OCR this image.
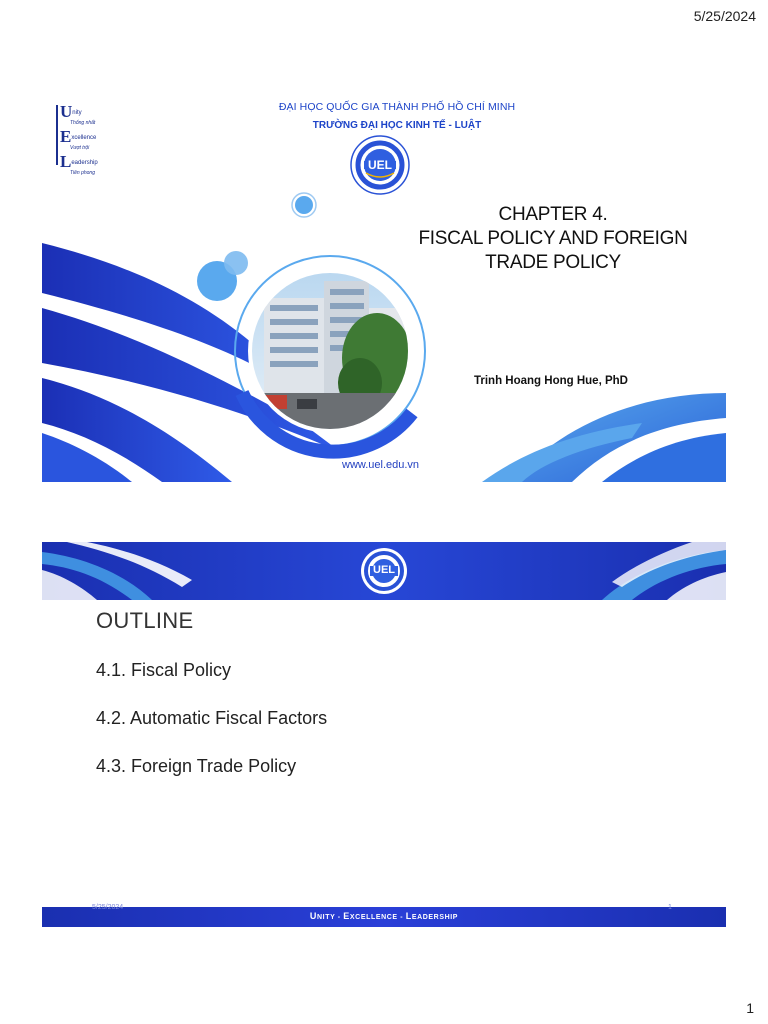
5/25/2024
Unity
Thống nhất
Excellence
Vượt trội
Leadership
Tiên phong
ĐẠI HỌC QUỐC GIA THÀNH PHỐ HỒ CHÍ MINH
TRƯỜNG ĐẠI HỌC KINH TẾ - LUẬT
UEL
CHAPTER 4.
FISCAL POLICY AND FOREIGN
TRADE POLICY
Trinh Hoang Hong Hue, PhD
www.uel.edu.vn
UEL
OUTLINE
4.1. Fiscal Policy
4.2. Automatic Fiscal Factors
4.3. Foreign Trade Policy
5/25/2024	1
UNITY - EXCELLENCE - LEADERSHIP
1
